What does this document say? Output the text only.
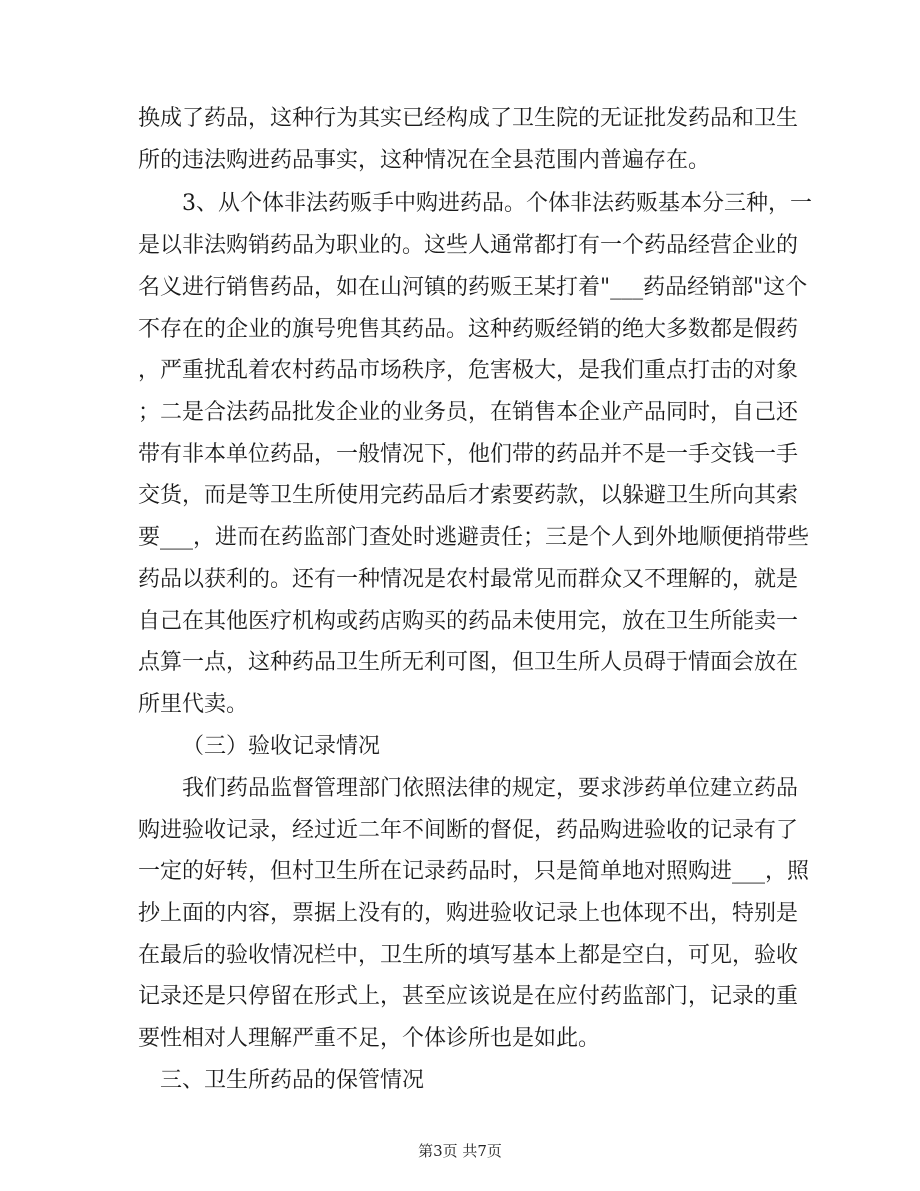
换成了药品，这种行为其实已经构成了卫生院的无证批发药品和卫生
所的违法购进药品事实，这种情况在全县范围内普遍存在。
3、从个体非法药贩手中购进药品。个体非法药贩基本分三种，一
是以非法购销药品为职业的。这些人通常都打有一个药品经营企业的
名义进行销售药品，如在山河镇的药贩王某打着"___药品经销部"这个
不存在的企业的旗号兜售其药品。这种药贩经销的绝大多数都是假药
，严重扰乱着农村药品市场秩序，危害极大，是我们重点打击的对象
；二是合法药品批发企业的业务员，在销售本企业产品同时，自己还
带有非本单位药品，一般情况下，他们带的药品并不是一手交钱一手
交货，而是等卫生所使用完药品后才索要药款，以躲避卫生所向其索
要___，进而在药监部门查处时逃避责任；三是个人到外地顺便捎带些
药品以获利的。还有一种情况是农村最常见而群众又不理解的，就是
自己在其他医疗机构或药店购买的药品未使用完，放在卫生所能卖一
点算一点，这种药品卫生所无利可图，但卫生所人员碍于情面会放在
所里代卖。
（三）验收记录情况
我们药品监督管理部门依照法律的规定，要求涉药单位建立药品
购进验收记录，经过近二年不间断的督促，药品购进验收的记录有了
一定的好转，但村卫生所在记录药品时，只是简单地对照购进___，照
抄上面的内容，票据上没有的，购进验收记录上也体现不出，特别是
在最后的验收情况栏中，卫生所的填写基本上都是空白，可见，验收
记录还是只停留在形式上，甚至应该说是在应付药监部门，记录的重
要性相对人理解严重不足，个体诊所也是如此。
三、卫生所药品的保管情况
第3页 共7页
